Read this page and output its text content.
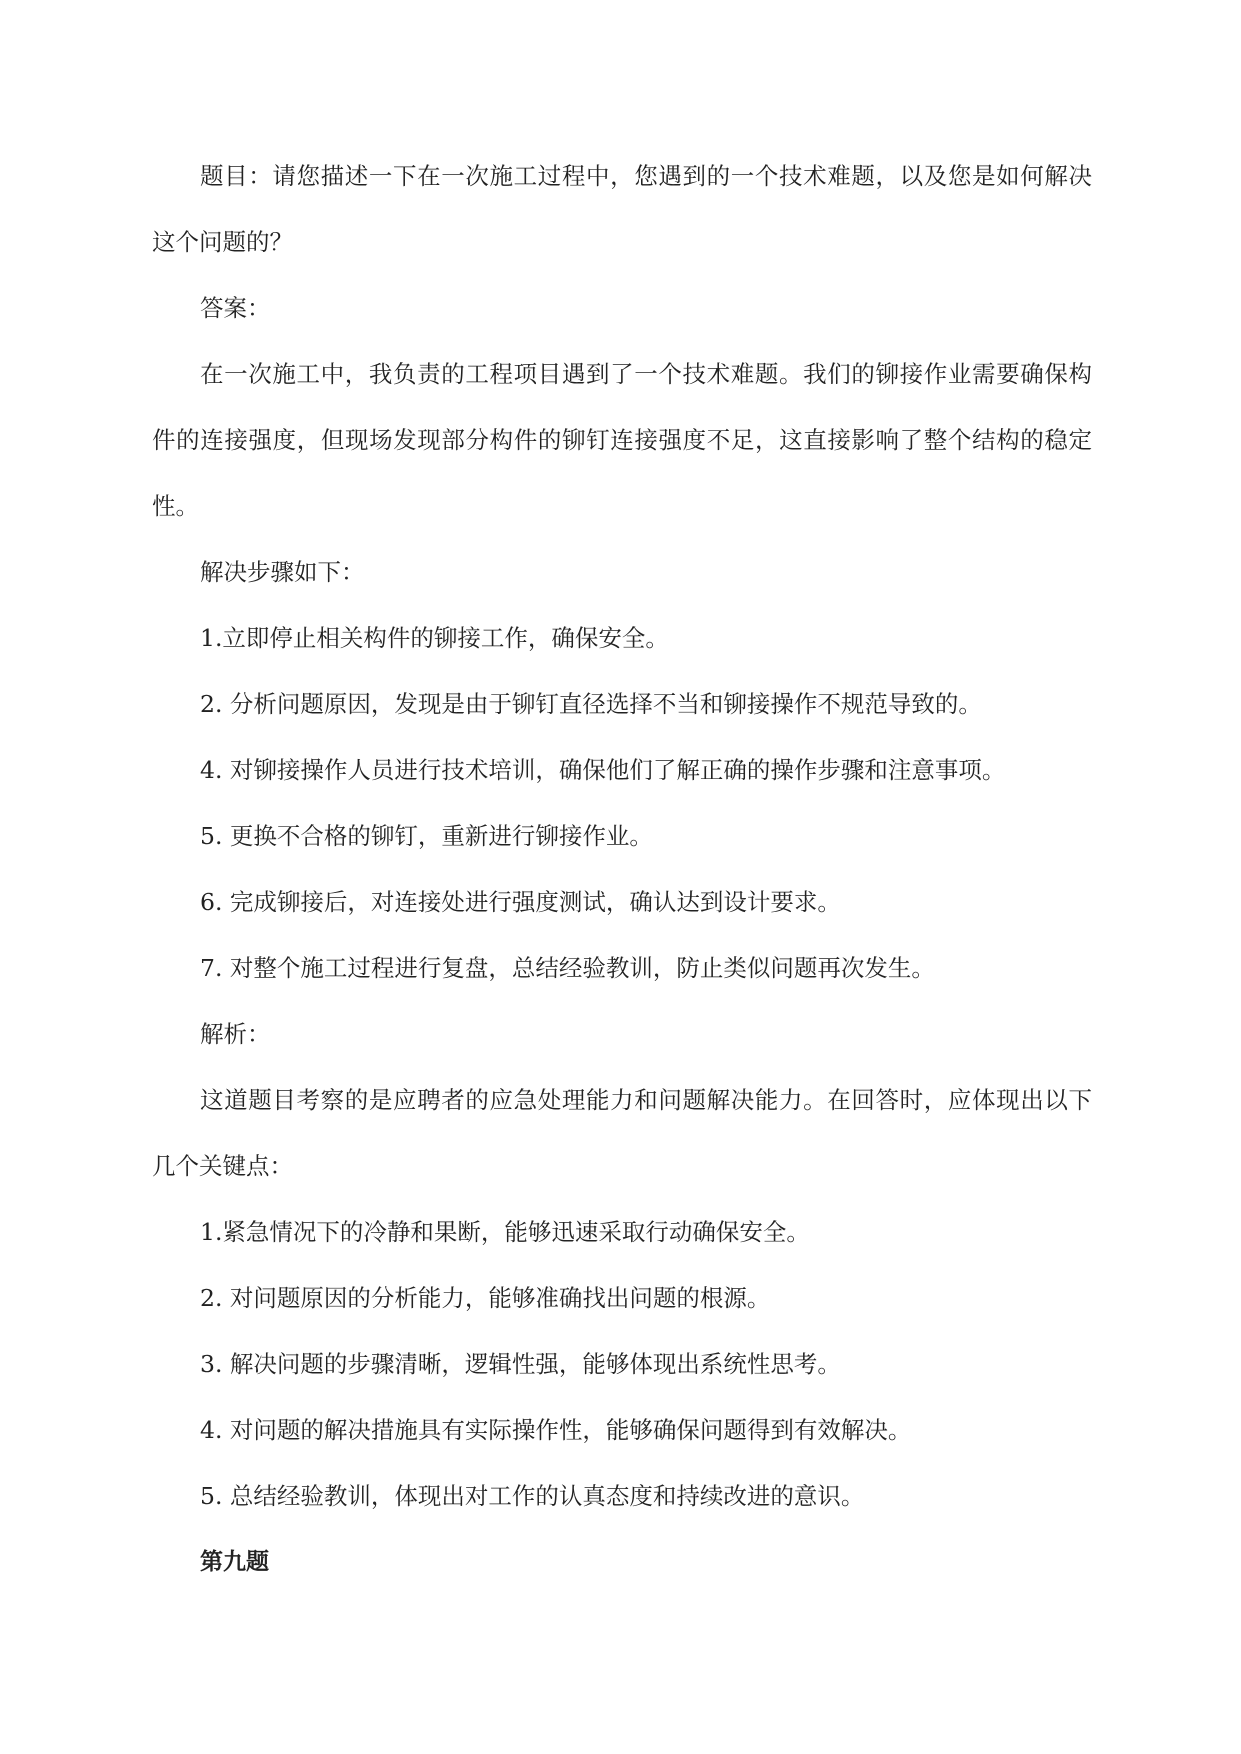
题目：请您描述一下在一次施工过程中，您遇到的一个技术难题，以及您是如何解决这个问题的？

答案：

在一次施工中，我负责的工程项目遇到了一个技术难题。我们的铆接作业需要确保构件的连接强度，但现场发现部分构件的铆钉连接强度不足，这直接影响了整个结构的稳定性。

解决步骤如下：

1.立即停止相关构件的铆接工作，确保安全。

2. 分析问题原因，发现是由于铆钉直径选择不当和铆接操作不规范导致的。

4. 对铆接操作人员进行技术培训，确保他们了解正确的操作步骤和注意事项。

5. 更换不合格的铆钉，重新进行铆接作业。

6. 完成铆接后，对连接处进行强度测试，确认达到设计要求。

7. 对整个施工过程进行复盘，总结经验教训，防止类似问题再次发生。

解析：

这道题目考察的是应聘者的应急处理能力和问题解决能力。在回答时，应体现出以下几个关键点：

1.紧急情况下的冷静和果断，能够迅速采取行动确保安全。

2. 对问题原因的分析能力，能够准确找出问题的根源。

3. 解决问题的步骤清晰，逻辑性强，能够体现出系统性思考。

4. 对问题的解决措施具有实际操作性，能够确保问题得到有效解决。

5. 总结经验教训，体现出对工作的认真态度和持续改进的意识。

第九题
